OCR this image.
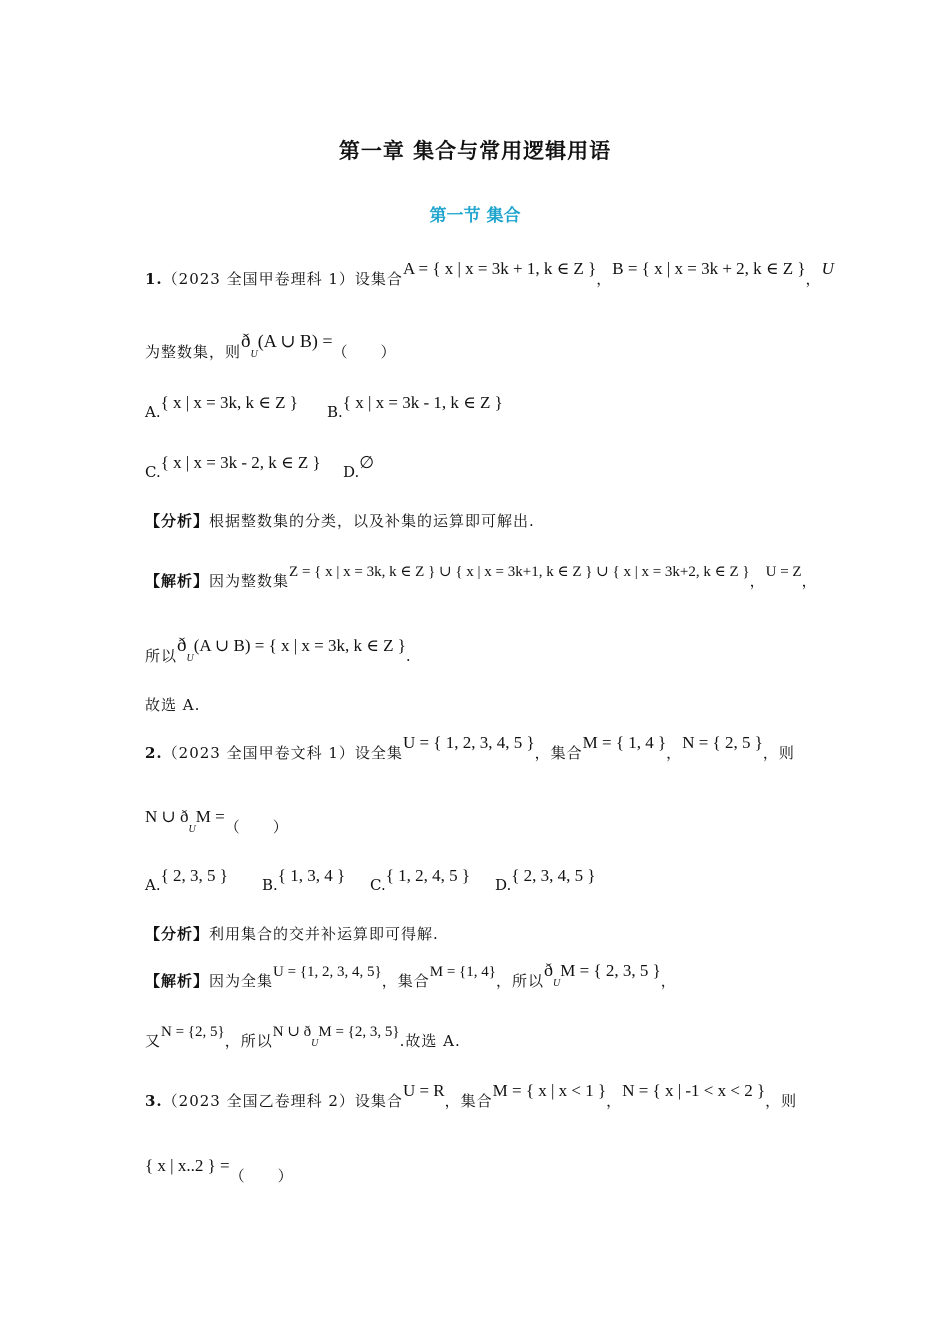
第一章 集合与常用逻辑用语
第一节 集合
1.（2023 全国甲卷理科 1）设集合A = { x | x = 3k + 1, k ∈ Z }，B = { x | x = 3k + 2, k ∈ Z }，U
为整数集，则ðU(A ∪ B) =（　　）
A.{ x | x = 3k, k ∈ Z } B.{ x | x = 3k - 1, k ∈ Z }
C.{ x | x = 3k - 2, k ∈ Z } D.∅
【分析】根据整数集的分类，以及补集的运算即可解出.
【解析】因为整数集Z = { x | x = 3k, k ∈ Z } ∪ { x | x = 3k+1, k ∈ Z } ∪ { x | x = 3k+2, k ∈ Z }，U = Z，
所以ðU(A ∪ B) = { x | x = 3k, k ∈ Z }.
故选 A.
2.（2023 全国甲卷文科 1）设全集U = { 1, 2, 3, 4, 5 }，集合M = { 1, 4 }，N = { 2, 5 }，则
N ∪ ðUM =（　　）
A.{ 2, 3, 5 } B.{ 1, 3, 4 } C.{ 1, 2, 4, 5 } D.{ 2, 3, 4, 5 }
【分析】利用集合的交并补运算即可得解.
【解析】因为全集U = {1, 2, 3, 4, 5}，集合M = {1, 4}，所以ðUM = { 2, 3, 5 }，
又N = {2, 5}，所以N ∪ ðUM = {2, 3, 5}.故选 A.
3.（2023 全国乙卷理科 2）设集合U = R，集合M = { x | x < 1 }，N = { x | -1 < x < 2 }，则
{ x | x..2 } =（　　）
